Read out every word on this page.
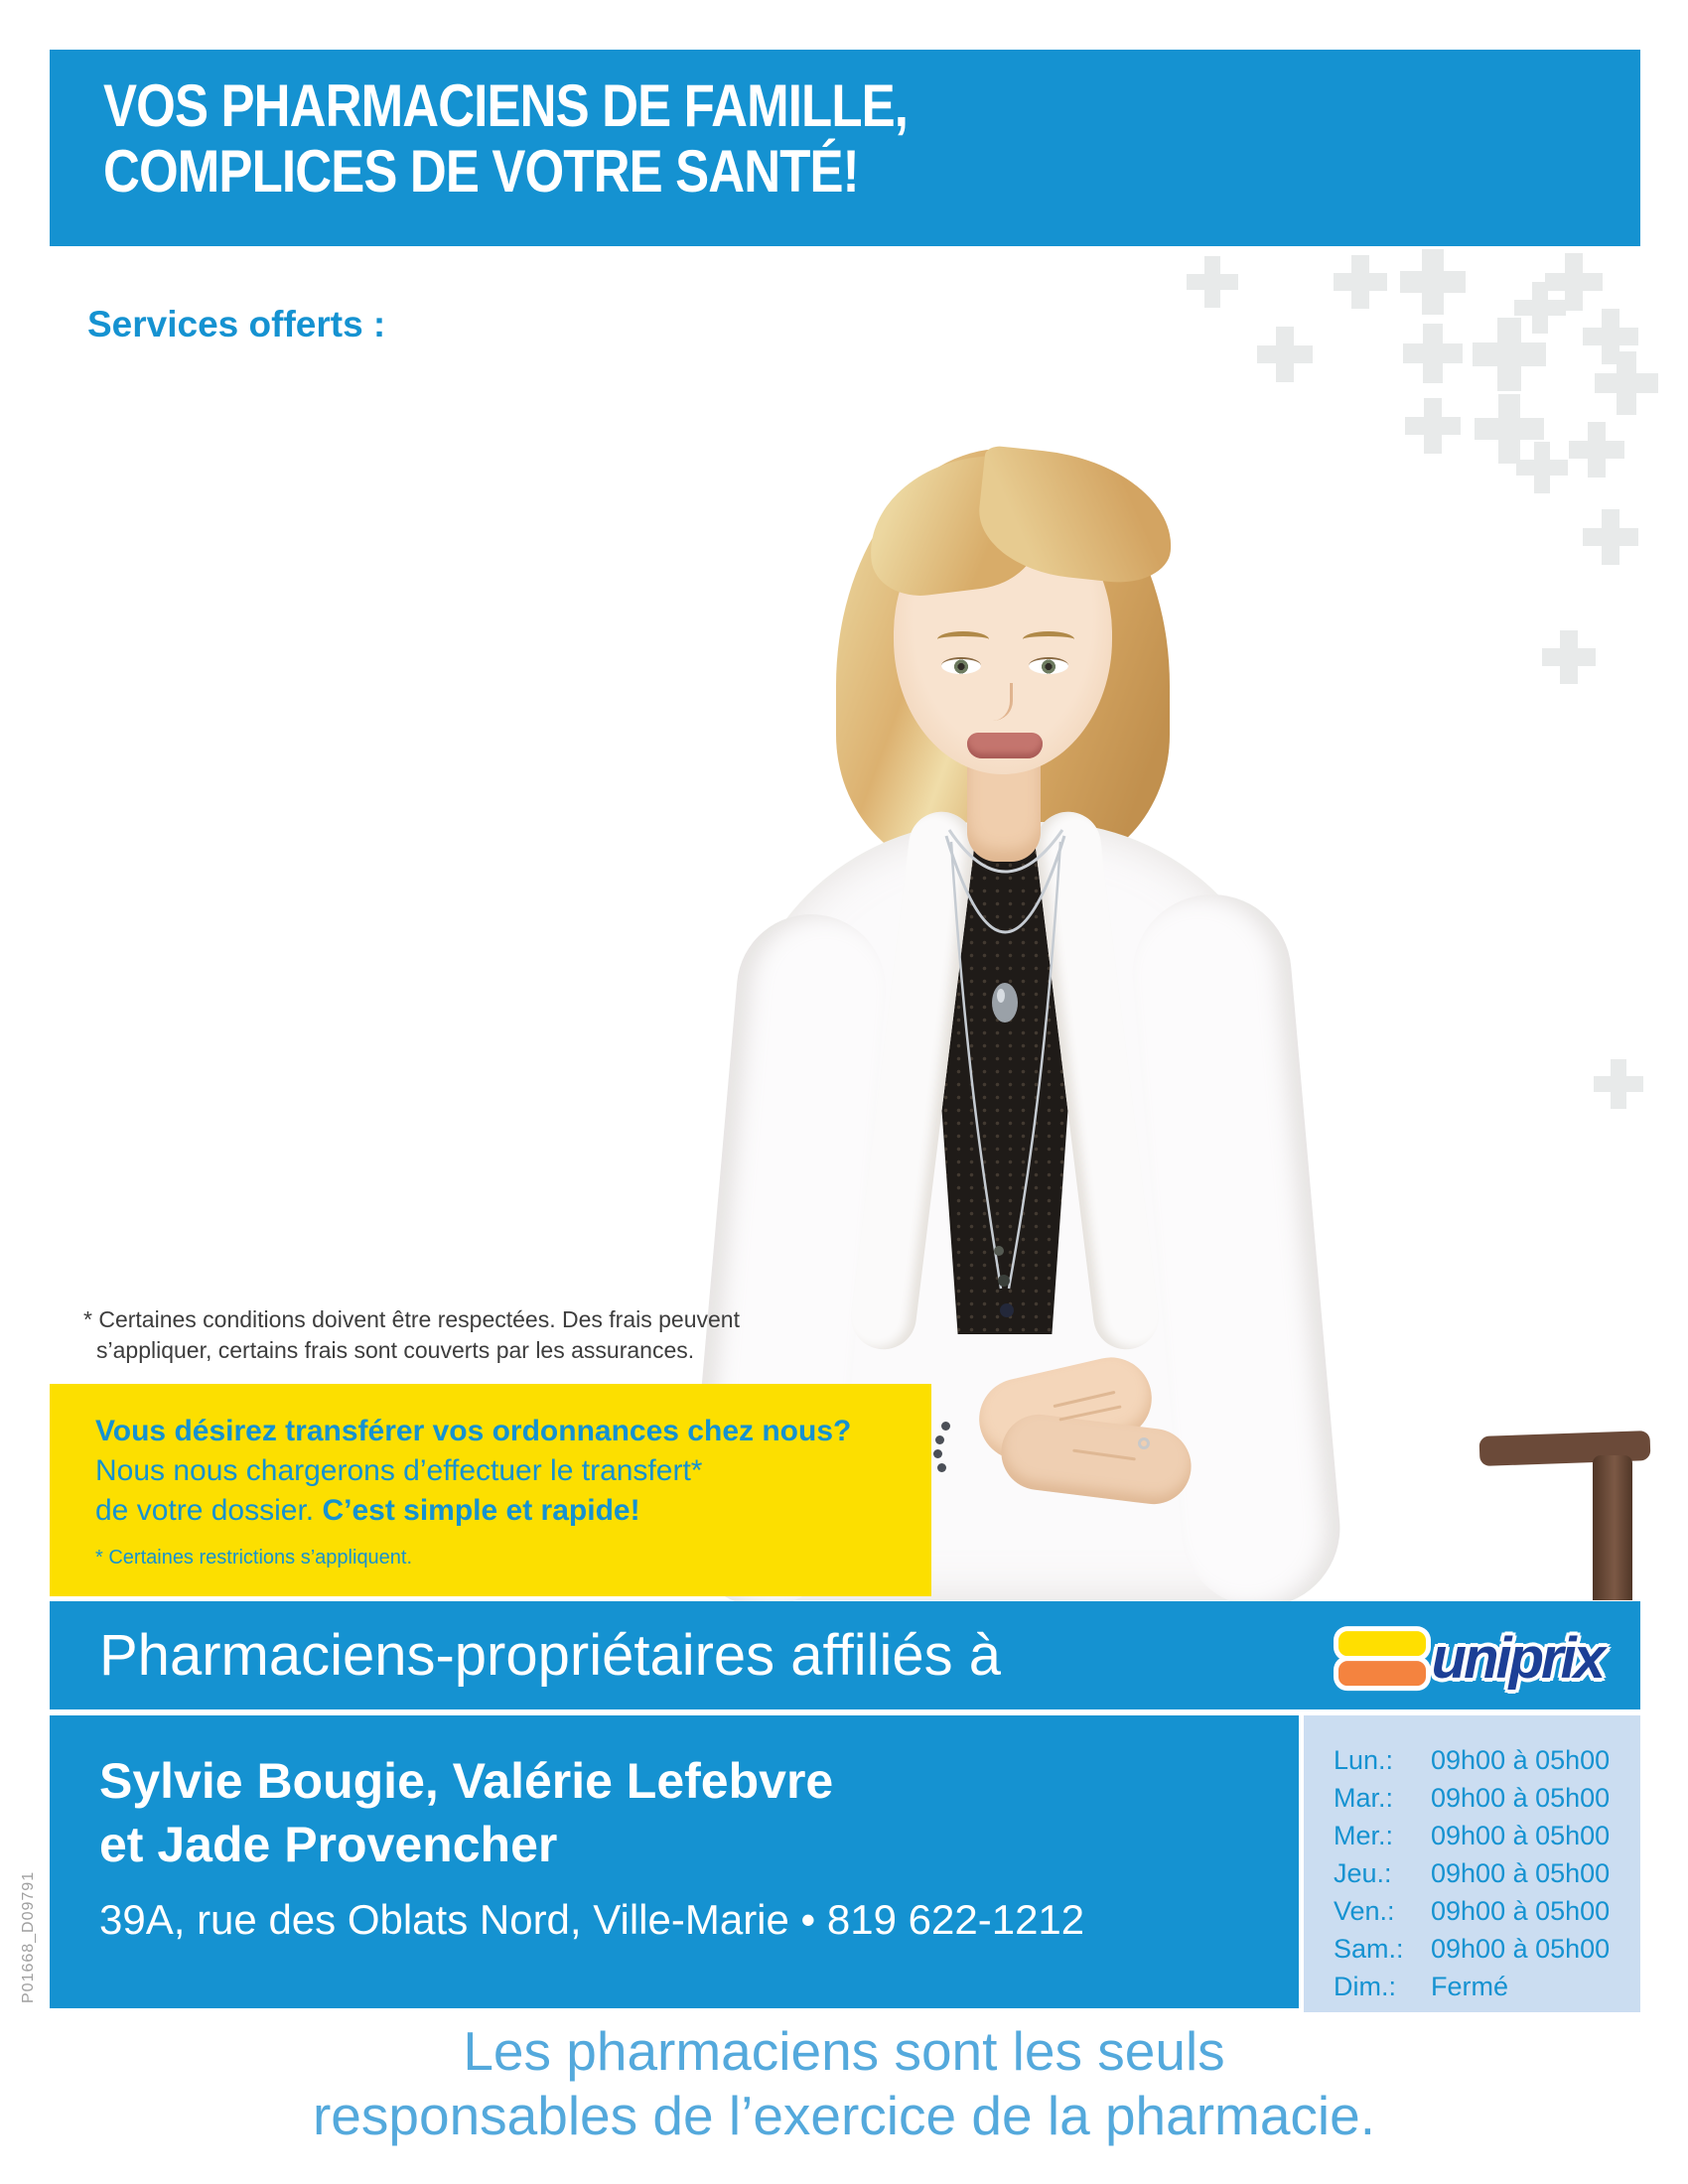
VOS PHARMACIENS DE FAMILLE,
COMPLICES DE VOTRE SANTÉ!
Services offerts :
* Certaines conditions doivent être respectées. Des frais peuvent
s’appliquer, certains frais sont couverts par les assurances.
Vous désirez transférer vos ordonnances chez nous?
Nous nous chargerons d’effectuer le transfert*
de votre dossier. C’est simple et rapide!
* Certaines restrictions s’appliquent.
Pharmaciens-propriétaires affiliés à	uniprix
Sylvie Bougie, Valérie Lefebvre
et Jade Provencher
39A, rue des Oblats Nord, Ville-Marie • 819 622-1212
Lun.:	09h00 à 05h00
Mar.:	09h00 à 05h00
Mer.:	09h00 à 05h00
Jeu.:	09h00 à 05h00
Ven.:	09h00 à 05h00
Sam.:	09h00 à 05h00
Dim.:	Fermé
Les pharmaciens sont les seuls
responsables de l’exercice de la pharmacie.
P01668_D09791
